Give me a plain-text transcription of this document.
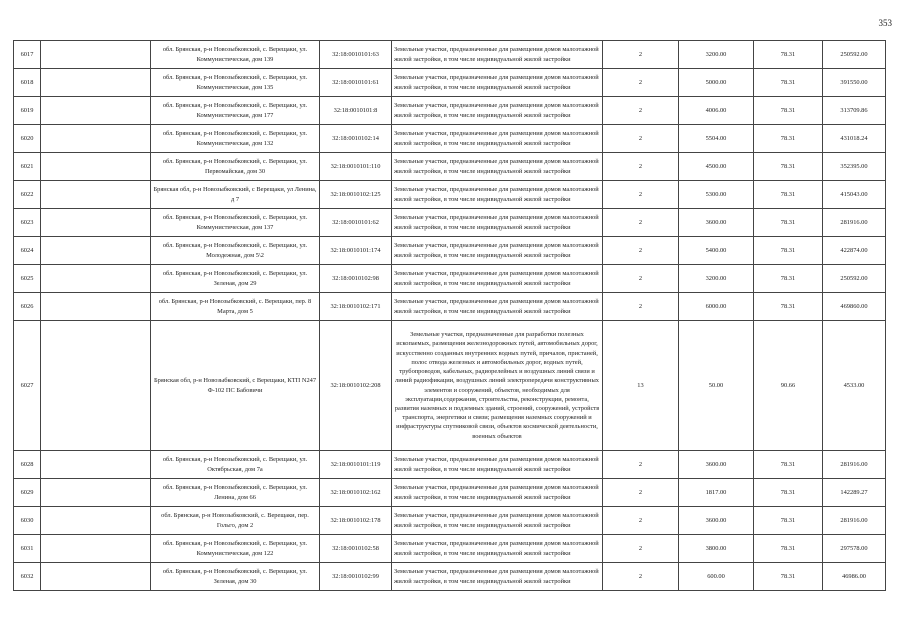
353
6017		обл. Брянская, р-н Новозыбковский, с. Верещаки, ул. Коммунистическая, дом 139	32:18:0010101:63	Земельные участки, предназначенные для размещения домов малоэтажной жилой застройки, в том числе индивидуальной жилой застройки	2	3200.00	78.31	250592.00
6018		обл. Брянская, р-н Новозыбковский, с. Верещаки, ул. Коммунистическая, дом 135	32:18:0010101:61	Земельные участки, предназначенные для размещения домов малоэтажной жилой застройки, в том числе индивидуальной жилой застройки	2	5000.00	78.31	391550.00
6019		обл. Брянская, р-н Новозыбковский, с. Верещаки, ул. Коммунистическая, дом 177	32:18:0010101:8	Земельные участки, предназначенные для размещения домов малоэтажной жилой застройки, в том числе индивидуальной жилой застройки	2	4006.00	78.31	313709.86
6020		обл. Брянская, р-н Новозыбковский, с. Верещаки, ул. Коммунистическая, дом 132	32:18:0010102:14	Земельные участки, предназначенные для размещения домов малоэтажной жилой застройки, в том числе индивидуальной жилой застройки	2	5504.00	78.31	431018.24
6021		обл. Брянская, р-н Новозыбковский, с. Верещаки, ул. Первомайская, дом 30	32:18:0010101:110	Земельные участки, предназначенные для размещения домов малоэтажной жилой застройки, в том числе индивидуальной жилой застройки	2	4500.00	78.31	352395.00
6022		Брянская обл, р-н Новозыбковский, с Верещаки, ул Ленина, д 7	32:18:0010102:125	Земельные участки, предназначенные для размещения домов малоэтажной жилой застройки, в том числе индивидуальной жилой застройки	2	5300.00	78.31	415043.00
6023		обл. Брянская, р-н Новозыбковский, с. Верещаки, ул. Коммунистическая, дом 137	32:18:0010101:62	Земельные участки, предназначенные для размещения домов малоэтажной жилой застройки, в том числе индивидуальной жилой застройки	2	3600.00	78.31	281916.00
6024		обл. Брянская, р-н Новозыбковский, с. Верещаки, ул. Молодежная, дом 5\2	32:18:0010101:174	Земельные участки, предназначенные для размещения домов малоэтажной жилой застройки, в том числе индивидуальной жилой застройки	2	5400.00	78.31	422874.00
6025		обл. Брянская, р-н Новозыбковский, с. Верещаки, ул. Зеленая, дом 29	32:18:0010102:98	Земельные участки, предназначенные для размещения домов малоэтажной жилой застройки, в том числе индивидуальной жилой застройки	2	3200.00	78.31	250592.00
6026		обл. Брянская, р-н Новозыбковский, с. Верещаки, пер. 8 Марта, дом 5	32:18:0010102:171	Земельные участки, предназначенные для размещения домов малоэтажной жилой застройки, в том числе индивидуальной жилой застройки	2	6000.00	78.31	469860.00
6027		Брянская обл, р-н Новозыбковский, с Верещаки, КТП N247 Ф-102 ПС Бабовичи	32:18:0010102:208	Земельные участки, предназначенные для разработки полезных ископаемых, размещения железнодорожных путей, автомобильных дорог, искусственно созданных внутренних водных путей, причалов, пристаней, полос отвода железных и автомобильных дорог, водных путей, трубопроводов, кабельных, радиорелейных и воздушных линий связи и линий радиофикации, воздушных линий электропередачи конструктивных элементов и сооружений, объектов, необходимых для эксплуатации,содержания, строительства, реконструкции, ремонта, развития наземных и подземных зданий, строений, сооружений, устройств транспорта, энергетики и связи; размещения наземных сооружений и инфраструктуры спутниковой связи, объектов космической деятельности, военных объектов	13	50.00	90.66	4533.00
6028		обл. Брянская, р-н Новозыбковский, с. Верещаки, ул. Октябрьская, дом 7а	32:18:0010101:119	Земельные участки, предназначенные для размещения домов малоэтажной жилой застройки, в том числе индивидуальной жилой застройки	2	3600.00	78.31	281916.00
6029		обл. Брянская, р-н Новозыбковский, с. Верещаки, ул. Ленина, дом 66	32:18:0010102:162	Земельные участки, предназначенные для размещения домов малоэтажной жилой застройки, в том числе индивидуальной жилой застройки	2	1817.00	78.31	142289.27
6030		обл. Брянская, р-н Новозыбковский, с. Верещаки, пер. Гольго, дом 2	32:18:0010102:178	Земельные участки, предназначенные для размещения домов малоэтажной жилой застройки, в том числе индивидуальной жилой застройки	2	3600.00	78.31	281916.00
6031		обл. Брянская, р-н Новозыбковский, с. Верещаки, ул. Коммунистическая, дом 122	32:18:0010102:58	Земельные участки, предназначенные для размещения домов малоэтажной жилой застройки, в том числе индивидуальной жилой застройки	2	3800.00	78.31	297578.00
6032		обл. Брянская, р-н Новозыбковский, с. Верещаки, ул. Зеленая, дом 30	32:18:0010102:99	Земельные участки, предназначенные для размещения домов малоэтажной жилой застройки, в том числе индивидуальной жилой застройки	2	600.00	78.31	46986.00
